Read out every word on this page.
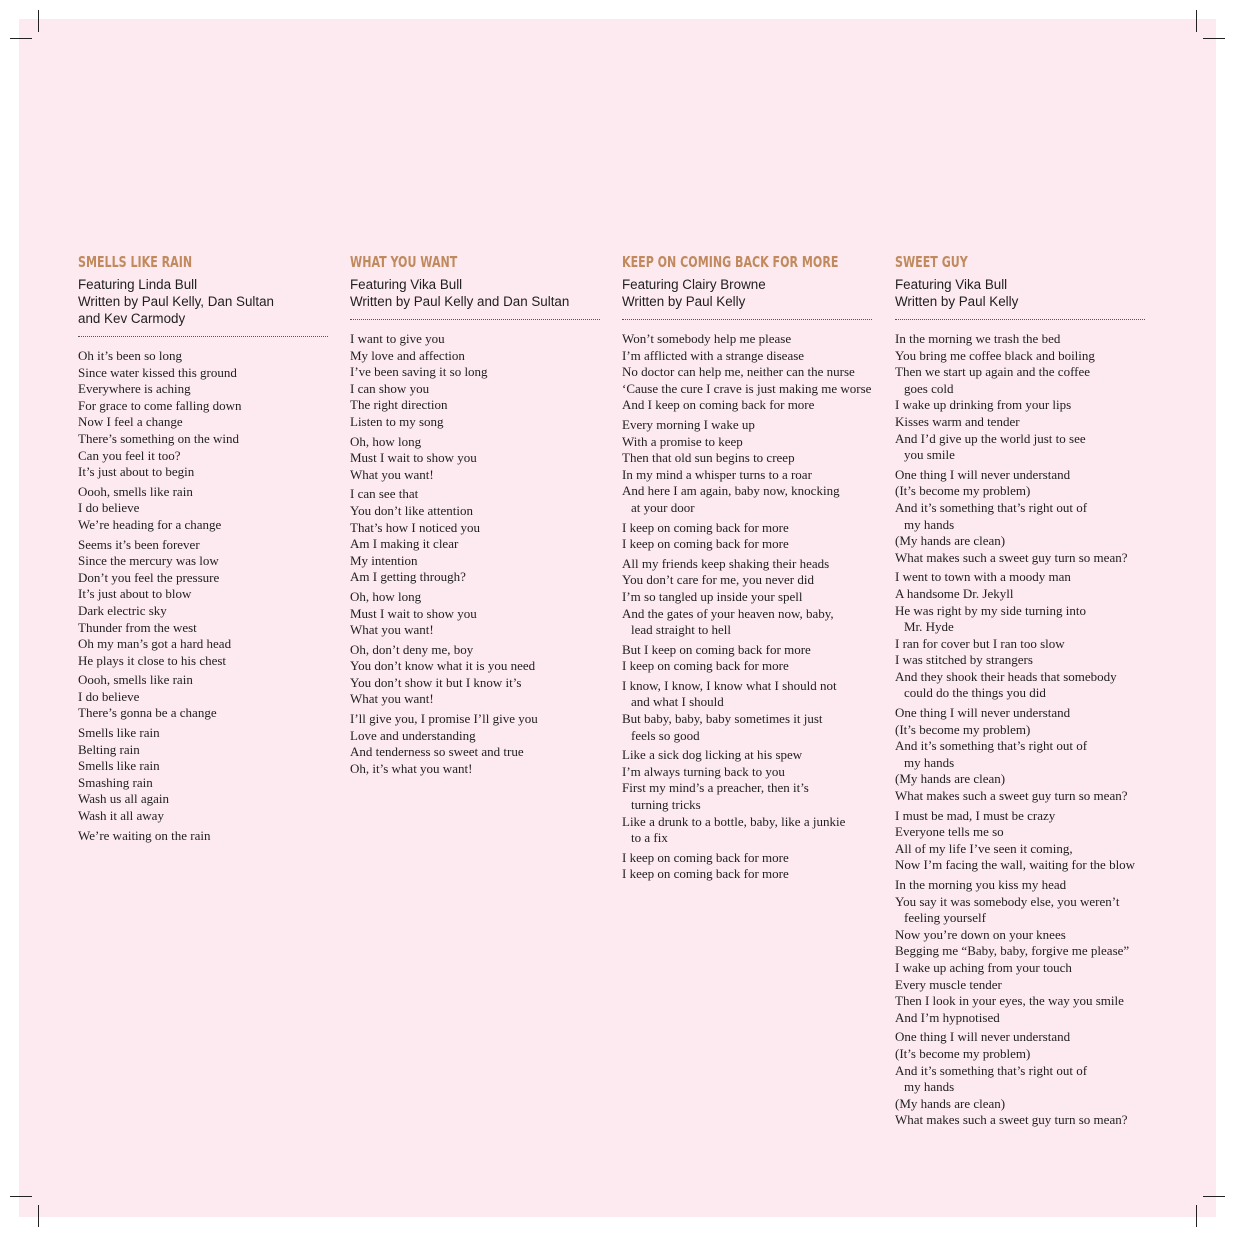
SMELLS LIKE RAIN
Featuring Linda Bull
Written by Paul Kelly, Dan Sultan
and Kev Carmody
Oh it’s been so long
Since water kissed this ground
Everywhere is aching
For grace to come falling down
Now I feel a change
There’s something on the wind
Can you feel it too?
It’s just about to begin
Oooh, smells like rain
I do believe
We’re heading for a change
Seems it’s been forever
Since the mercury was low
Don’t you feel the pressure
It’s just about to blow
Dark electric sky
Thunder from the west
Oh my man’s got a hard head
He plays it close to his chest
Oooh, smells like rain
I do believe
There’s gonna be a change
Smells like rain
Belting rain
Smells like rain
Smashing rain
Wash us all again
Wash it all away
We’re waiting on the rain
WHAT YOU WANT
Featuring Vika Bull
Written by Paul Kelly and Dan Sultan
I want to give you
My love and affection
I’ve been saving it so long
I can show you
The right direction
Listen to my song
Oh, how long
Must I wait to show you
What you want!
I can see that
You don’t like attention
That’s how I noticed you
Am I making it clear
My intention
Am I getting through?
Oh, how long
Must I wait to show you
What you want!
Oh, don’t deny me, boy
You don’t know what it is you need
You don’t show it but I know it’s
What you want!
I’ll give you, I promise I’ll give you
Love and understanding
And tenderness so sweet and true
Oh, it’s what you want!
KEEP ON COMING BACK FOR MORE
Featuring Clairy Browne
Written by Paul Kelly
Won’t somebody help me please
I’m afflicted with a strange disease
No doctor can help me, neither can the nurse
‘Cause the cure I crave is just making me worse
And I keep on coming back for more
Every morning I wake up
With a promise to keep
Then that old sun begins to creep
In my mind a whisper turns to a roar
And here I am again, baby now, knocking
at your door
I keep on coming back for more
I keep on coming back for more
All my friends keep shaking their heads
You don’t care for me, you never did
I’m so tangled up inside your spell
And the gates of your heaven now, baby,
lead straight to hell
But I keep on coming back for more
I keep on coming back for more
I know, I know, I know what I should not
and what I should
But baby, baby, baby sometimes it just
feels so good
Like a sick dog licking at his spew
I’m always turning back to you
First my mind’s a preacher, then it’s
turning tricks
Like a drunk to a bottle, baby, like a junkie
to a fix
I keep on coming back for more
I keep on coming back for more
SWEET GUY
Featuring Vika Bull
Written by Paul Kelly
In the morning we trash the bed
You bring me coffee black and boiling
Then we start up again and the coffee
goes cold
I wake up drinking from your lips
Kisses warm and tender
And I’d give up the world just to see
you smile
One thing I will never understand
(It’s become my problem)
And it’s something that’s right out of
my hands
(My hands are clean)
What makes such a sweet guy turn so mean?
I went to town with a moody man
A handsome Dr. Jekyll
He was right by my side turning into
Mr. Hyde
I ran for cover but I ran too slow
I was stitched by strangers
And they shook their heads that somebody
could do the things you did
One thing I will never understand
(It’s become my problem)
And it’s something that’s right out of
my hands
(My hands are clean)
What makes such a sweet guy turn so mean?
I must be mad, I must be crazy
Everyone tells me so
All of my life I’ve seen it coming,
Now I’m facing the wall, waiting for the blow
In the morning you kiss my head
You say it was somebody else, you weren’t
feeling yourself
Now you’re down on your knees
Begging me “Baby, baby, forgive me please”
I wake up aching from your touch
Every muscle tender
Then I look in your eyes, the way you smile
And I’m hypnotised
One thing I will never understand
(It’s become my problem)
And it’s something that’s right out of
my hands
(My hands are clean)
What makes such a sweet guy turn so mean?
